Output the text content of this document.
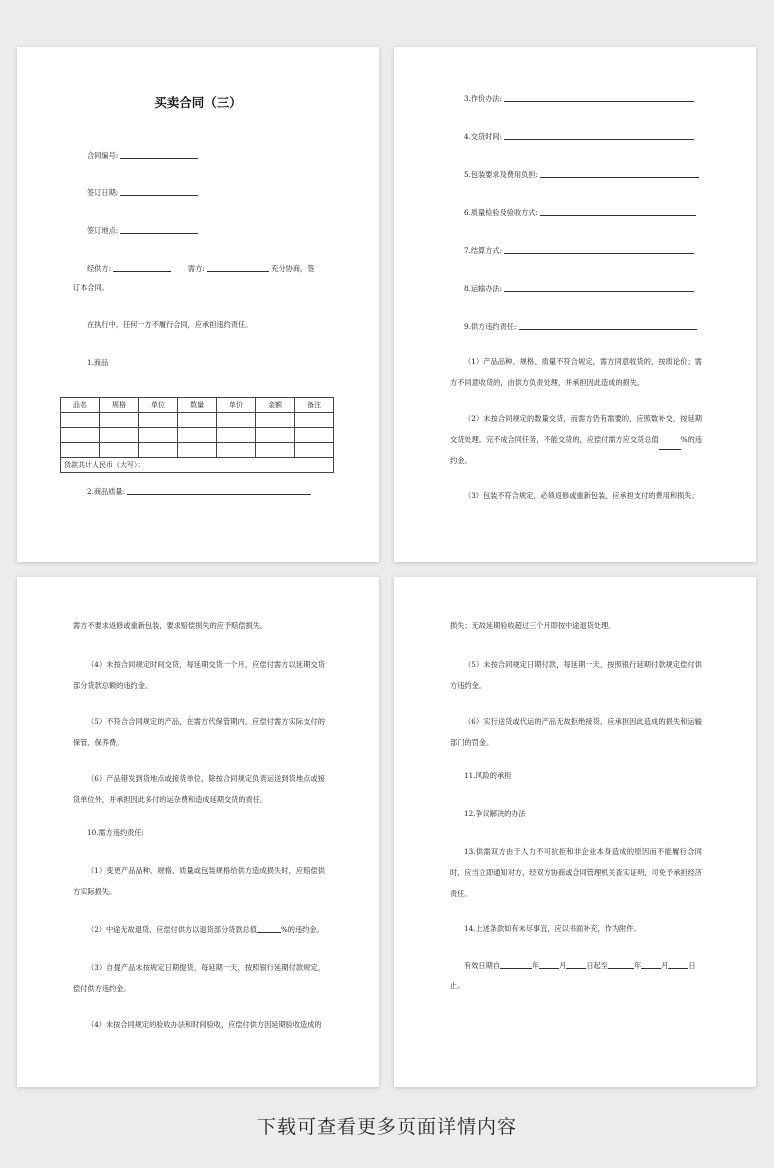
买卖合同（三）
合同编号:
签订日期:
签订地点:
经供方:	需方:	充分协商，签
订本合同。
在执行中，任何一方不履行合同，应承担违约责任。
1.商品
品名	规格	单位	数量	单价	金额	备注

货款共计人民币（大写）：						
2.商品质量:
3.作价办法:
4.交货时间:
5.包装要求及费用负担:
6.质量检验及验收方式:
7.结算方式:
8.运输办法:
9.供方违约责任:
（1）产品品种、规格、质量不符合规定，需方同意收货的，按质论价；需方不同意收货的，由供方负责处理，并承担因此造成的损失。
（2）未按合同规定的数量交货，而需方仍有需要的，应照数补交，按延期交货处理。完不成合同任务，不能交货的，应偿付需方应交货总值	%的违约金。
（3）包装不符合规定，必须返修或重新包装，应承担支付的费用和损失；
需方不要求返修或重新包装，要求赔偿损失的应予赔偿损失。
（4）未按合同规定时间交货，每延期交货一个月，应偿付需方以延期交货部分货款总额的违约金。
（5）不符合合同规定的产品，在需方代保管期内，应偿付需方实际支付的保管、保养费。
（6）产品错发到货地点或接货单位，除按合同规定负责运送到货地点或接货单位外，并承担因此多付的运杂费和造成延期交货的责任。
10.需方违约责任:
（1）变更产品品种、规格、质量或包装规格给供方造成损失时，应赔偿供方实际损失。
（2）中途无故退货，应偿付供方以退货部分货款总值	%的违约金。
（3）自提产品未按规定日期提货，每延期一天，按照银行延期付款规定，偿付供方违约金。
（4）未按合同规定的验收办法和时间验收，应偿付供方因延期验收造成的
损失；无故延期验收超过三个月即按中途退货处理。
（5）未按合同规定日期付款，每延期一天，按照银行延期付款规定偿付供方违约金。
（6）实行送货或代运的产品无故拒绝接货，应承担因此造成的损失和运输部门的罚金。
11.风险的承担
12.争议解决的办法
13.供需双方由于人力不可抗拒和非企业本身造成的原因而不能履行合同时，应当立即通知对方，经双方协商或合同管理机关查实证明，可免予承担经济责任。
14.上述条款如有未尽事宜，应以书面补充，作为附件。
有效日期自	年	月	日起至	年	月	日
止。
下载可查看更多页面详情内容
